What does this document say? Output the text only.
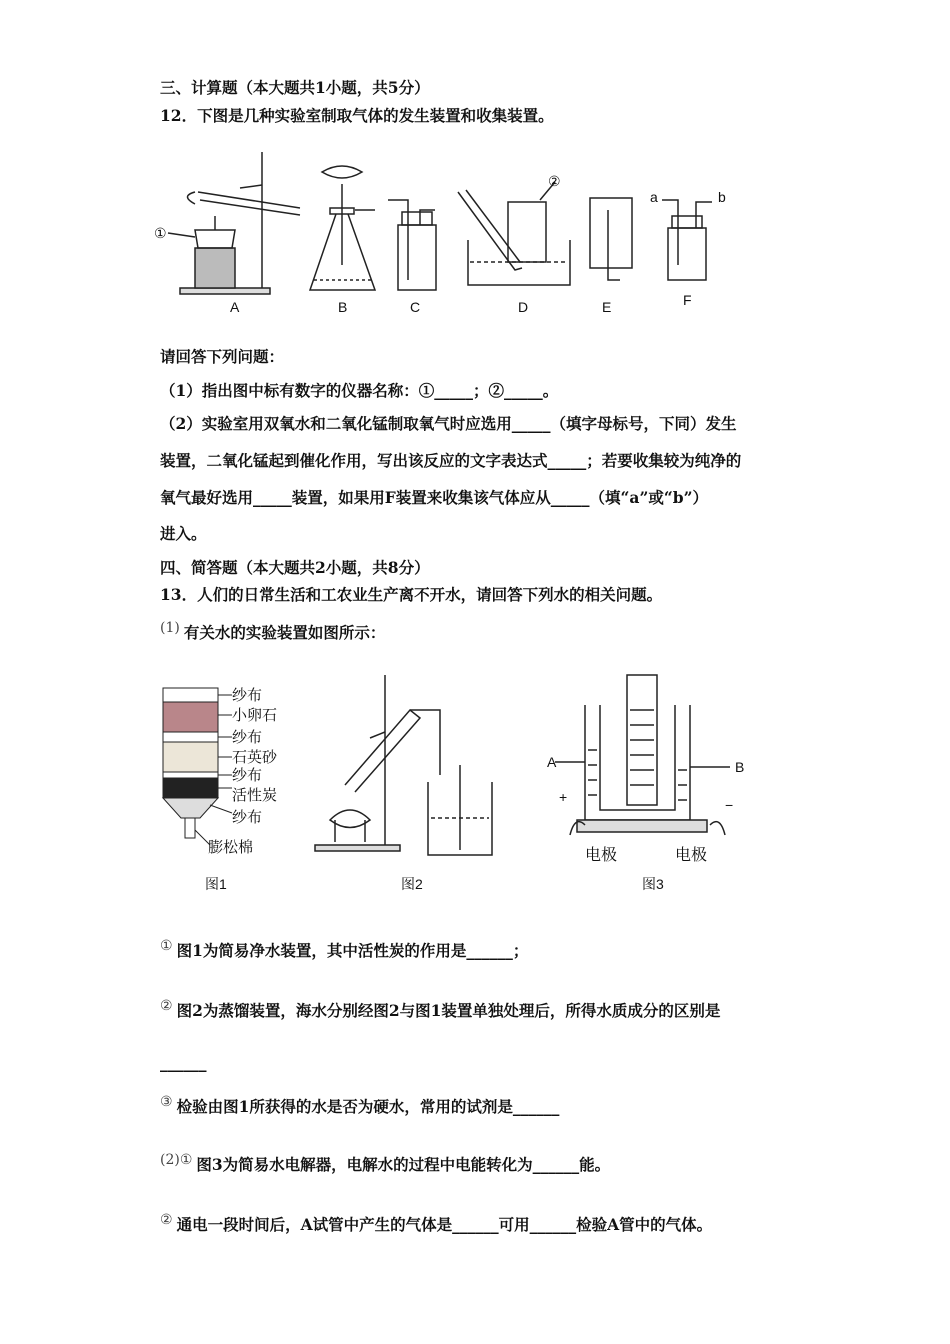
三、计算题（本大题共1小题，共5分）
12．下图是几种实验室制取气体的发生装置和收集装置。
A	B	C	D	E	F
①
②
a	b
请回答下列问题：
（1）指出图中标有数字的仪器名称：①_____；②_____。
（2）实验室用双氧水和二氧化锰制取氧气时应选用_____（填字母标号，下同）发生
装置，二氧化锰起到催化作用，写出该反应的文字表达式_____；若要收集较为纯净的
氧气最好选用_____装置，如果用F装置来收集该气体应从_____（填“a”或“b”）
进入。
四、简答题（本大题共2小题，共8分）
13．人们的日常生活和工农业生产离不开水，请回答下列水的相关问题。
(1) 有关水的实验装置如图所示：
纱布
小卵石
纱布
石英砂
纱布
活性炭
纱布
膨松棉
A	B
+	−
电极	电极
图1	图2	图3
① 图1为简易净水装置，其中活性炭的作用是______；
② 图2为蒸馏装置，海水分别经图2与图1装置单独处理后，所得水质成分的区别是
______
③ 检验由图1所获得的水是否为硬水，常用的试剂是______
(2)① 图3为简易水电解器，电解水的过程中电能转化为______能。
② 通电一段时间后，A试管中产生的气体是______可用______检验A管中的气体。
